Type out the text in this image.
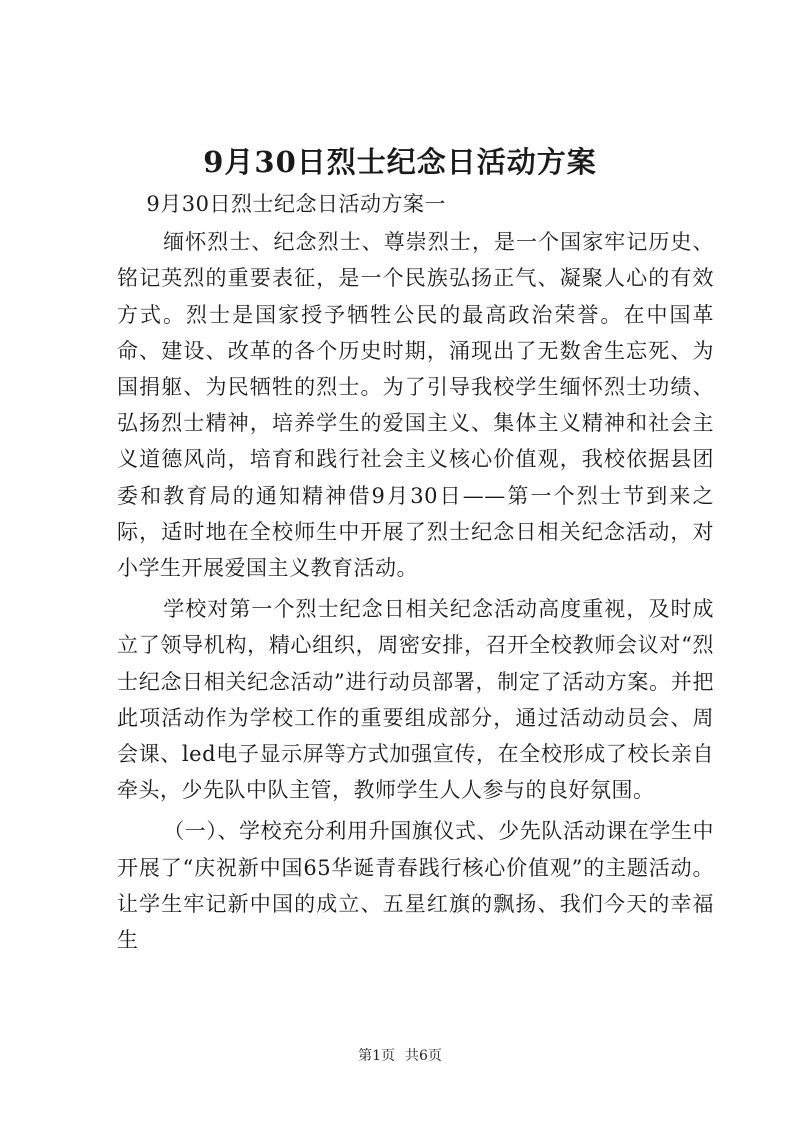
9月30日烈士纪念日活动方案

9月30日烈士纪念日活动方案一

缅怀烈士、纪念烈士、尊崇烈士，是一个国家牢记历史、铭记英烈的重要表征，是一个民族弘扬正气、凝聚人心的有效方式。烈士是国家授予牺牲公民的最高政治荣誉。在中国革命、建设、改革的各个历史时期，涌现出了无数舍生忘死、为国捐躯、为民牺牲的烈士。为了引导我校学生缅怀烈士功绩、弘扬烈士精神，培养学生的爱国主义、集体主义精神和社会主义道德风尚，培育和践行社会主义核心价值观，我校依据县团委和教育局的通知精神借9月30日——第一个烈士节到来之际，适时地在全校师生中开展了烈士纪念日相关纪念活动，对小学生开展爱国主义教育活动。

学校对第一个烈士纪念日相关纪念活动高度重视，及时成立了领导机构，精心组织，周密安排，召开全校教师会议对“烈士纪念日相关纪念活动”进行动员部署，制定了活动方案。并把此项活动作为学校工作的重要组成部分，通过活动动员会、周会课、led电子显示屏等方式加强宣传，在全校形成了校长亲自牵头，少先队中队主管，教师学生人人参与的良好氛围。

（一）、学校充分利用升国旗仪式、少先队活动课在学生中开展了“庆祝新中国65华诞青春践行核心价值观”的主题活动。让学生牢记新中国的成立、五星红旗的飘扬、我们今天的幸福生

第1页 共6页
